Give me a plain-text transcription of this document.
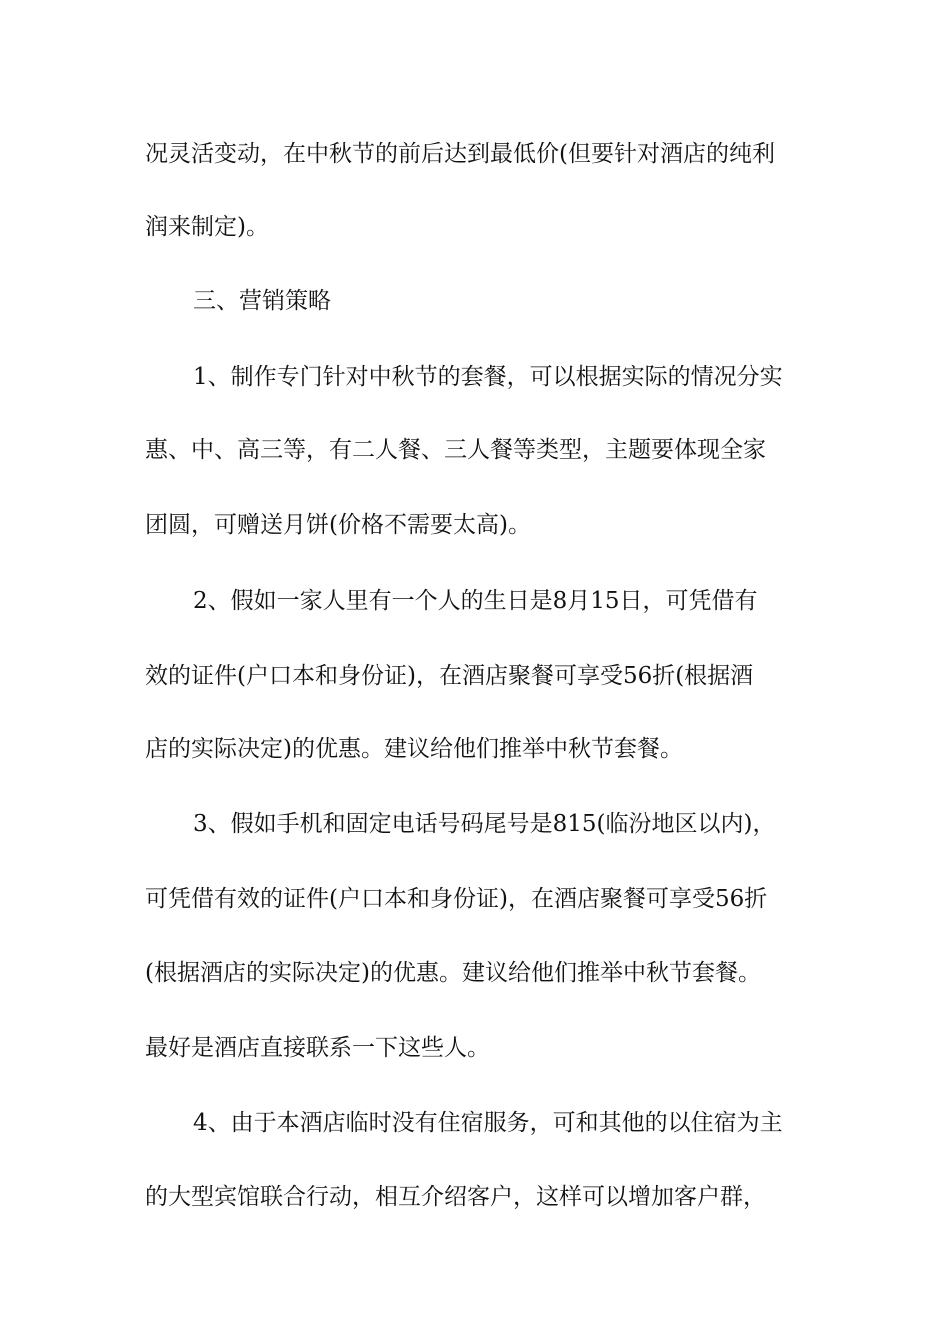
况灵活变动，在中秋节的前后达到最低价(但要针对酒店的纯利
润来制定)。
三、营销策略
1、制作专门针对中秋节的套餐，可以根据实际的情况分实
惠、中、高三等，有二人餐、三人餐等类型，主题要体现全家
团圆，可赠送月饼(价格不需要太高)。
2、假如一家人里有一个人的生日是8月15日，可凭借有
效的证件(户口本和身份证)，在酒店聚餐可享受56折(根据酒
店的实际决定)的优惠。建议给他们推举中秋节套餐。
3、假如手机和固定电话号码尾号是815(临汾地区以内)，
可凭借有效的证件(户口本和身份证)，在酒店聚餐可享受56折
(根据酒店的实际决定)的优惠。建议给他们推举中秋节套餐。
最好是酒店直接联系一下这些人。
4、由于本酒店临时没有住宿服务，可和其他的以住宿为主
的大型宾馆联合行动，相互介绍客户，这样可以增加客户群，
